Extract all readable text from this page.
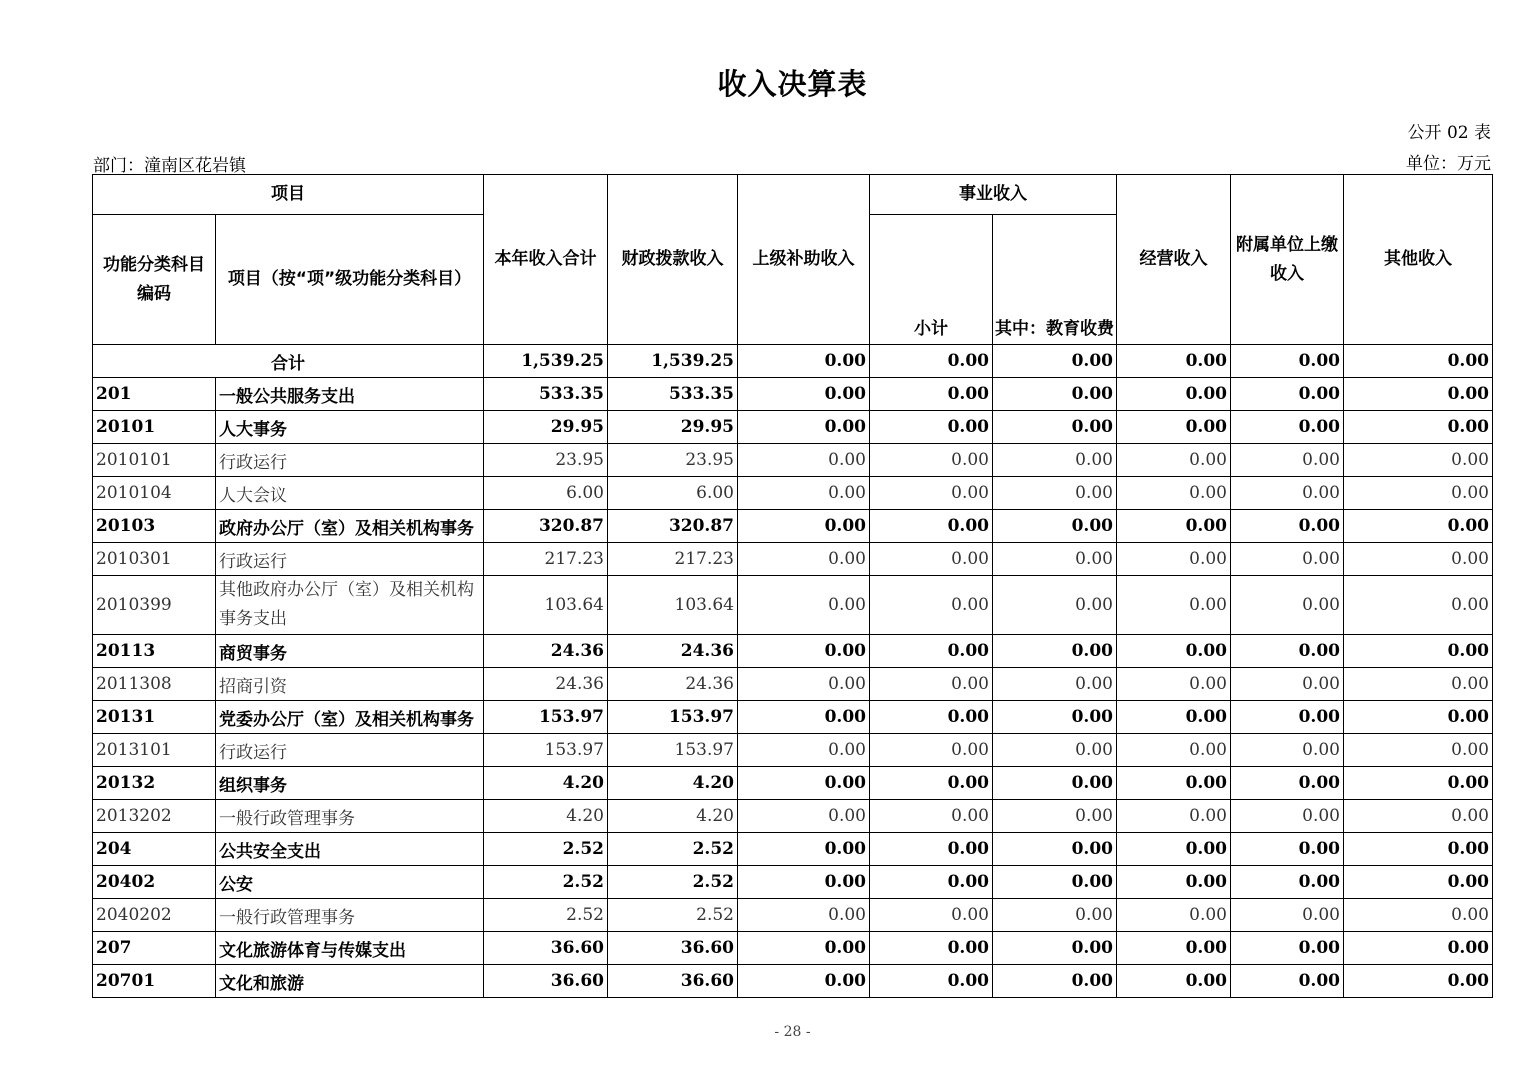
收入决算表
公开 02 表
部门：潼南区花岩镇	单位：万元
项目		本年收入合计	财政拨款收入	上级补助收入	事业收入		经营收入	附属单位上缴收入	其他收入
功能分类科目编码	项目（按“项”级功能分类科目）				小计	其中：教育收费			
合计		1,539.25	1,539.25	0.00	0.00	0.00	0.00	0.00	0.00
201	一般公共服务支出	533.35	533.35	0.00	0.00	0.00	0.00	0.00	0.00
20101	人大事务	29.95	29.95	0.00	0.00	0.00	0.00	0.00	0.00
2010101	行政运行	23.95	23.95	0.00	0.00	0.00	0.00	0.00	0.00
2010104	人大会议	6.00	6.00	0.00	0.00	0.00	0.00	0.00	0.00
20103	政府办公厅（室）及相关机构事务	320.87	320.87	0.00	0.00	0.00	0.00	0.00	0.00
2010301	行政运行	217.23	217.23	0.00	0.00	0.00	0.00	0.00	0.00
2010399	其他政府办公厅（室）及相关机构事务支出	103.64	103.64	0.00	0.00	0.00	0.00	0.00	0.00
20113	商贸事务	24.36	24.36	0.00	0.00	0.00	0.00	0.00	0.00
2011308	招商引资	24.36	24.36	0.00	0.00	0.00	0.00	0.00	0.00
20131	党委办公厅（室）及相关机构事务	153.97	153.97	0.00	0.00	0.00	0.00	0.00	0.00
2013101	行政运行	153.97	153.97	0.00	0.00	0.00	0.00	0.00	0.00
20132	组织事务	4.20	4.20	0.00	0.00	0.00	0.00	0.00	0.00
2013202	一般行政管理事务	4.20	4.20	0.00	0.00	0.00	0.00	0.00	0.00
204	公共安全支出	2.52	2.52	0.00	0.00	0.00	0.00	0.00	0.00
20402	公安	2.52	2.52	0.00	0.00	0.00	0.00	0.00	0.00
2040202	一般行政管理事务	2.52	2.52	0.00	0.00	0.00	0.00	0.00	0.00
207	文化旅游体育与传媒支出	36.60	36.60	0.00	0.00	0.00	0.00	0.00	0.00
20701	文化和旅游	36.60	36.60	0.00	0.00	0.00	0.00	0.00	0.00
- 28 -
